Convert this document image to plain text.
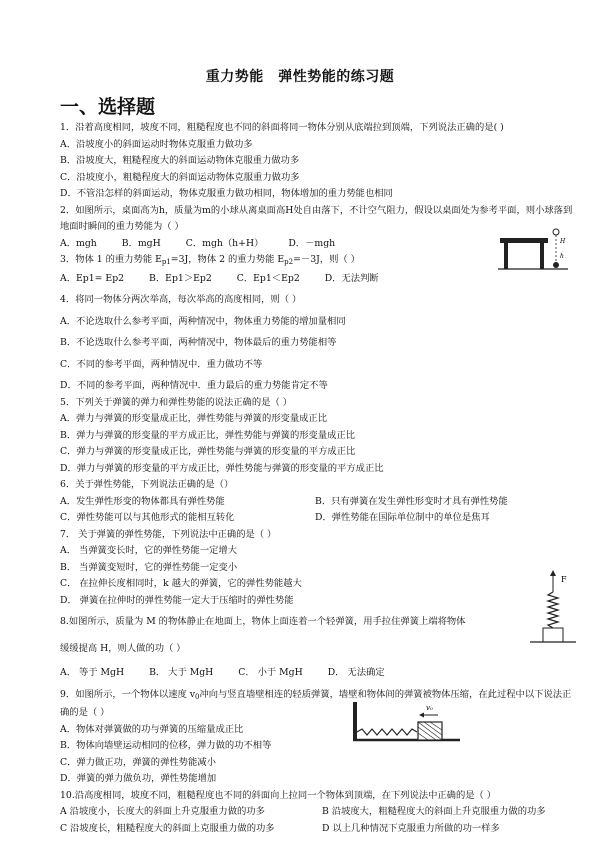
重力势能　弹性势能的练习题
一、选择题
1．沿着高度相同，坡度不同，粗糙程度也不同的斜面将同一物体分别从底端拉到顶端，下列说法正确的是( )
A．沿坡度小的斜面运动时物体克服重力做功多
B．沿坡度大，粗糙程度大的斜面运动物体克服重力做功多
C．沿坡度小，粗糙程度大的斜面运动物体克服重力做功多
D．不管沿怎样的斜面运动，物体克服重力做功相同，物体增加的重力势能也相同
2．如图所示，桌面高为h，质量为m的小球从离桌面高H处自由落下，不计空气阻力，假设以桌面处为参考平面，则小球落到地面时瞬间的重力势能为（ ）
A．mgh	B．mgH	C．mgh（h+H）	D．－mgh
3．物体 1 的重力势能 $E_{p1}=3J$，物体 2 的重力势能 $E_{p2}=-3J$，则（ ）
A．Ep1= Ep2	B．Ep1＞Ep2	C．Ep1＜Ep2	D．无法判断
4．将同一物体分两次举高，每次举高的高度相同，则（ ）
A．不论选取什么参考平面，两种情况中，物体重力势能的增加量相同
B．不论选取什么参考平面，两种情况中，物体最后的重力势能相等
C．不同的参考平面，两种情况中．重力做功不等
D．不同的参考平面，两种情况中．重力最后的重力势能肯定不等
5．下列关于弹簧的弹力和弹性势能的说法正确的是（ ）
A．弹力与弹簧的形变量成正比，弹性势能与弹簧的形变量成正比
B．弹力与弹簧的形变量的平方成正比，弹性势能与弹簧的形变量成正比
C．弹力与弹簧的形变量成正比，弹性势能与弹簧的形变量的平方成正比
D．弹力与弹簧的形变量的平方成正比，弹性势能与弹簧的形变量的平方成正比
6．关于弹性势能，下列说法正确的是（）
A．发生弹性形变的物体都具有弹性势能	B．只有弹簧在发生弹性形变时才具有弹性势能
C．弹性势能可以与其他形式的能相互转化	D．弹性势能在国际单位制中的单位是焦耳
7． 关于弹簧的弹性势能，下列说法中正确的是（ ）
A． 当弹簧变长时，它的弹性势能一定增大
B． 当弹簧变短时，它的弹性势能一定变小
C． 在拉伸长度相同时，k 越大的弹簧，它的弹性势能越大
D． 弹簧在拉伸时的弹性势能一定大于压缩时的弹性势能
8.如图所示，质量为 M 的物体静止在地面上，物体上面连着一个轻弹簧，用手拉住弹簧上端将物体
缓缓提高 H，则人做的功（ ）
A． 等于 MgH	B． 大于 MgH	C． 小于 MgH	D． 无法确定
9．如图所示，一个物体以速度 $v_0$冲向与竖直墙壁相连的轻质弹簧，墙壁和物体间的弹簧被物体压缩，在此过程中以下说法正确的是（ ）
A．物体对弹簧做的功与弹簧的压缩量成正比
B．物体向墙壁运动相同的位移，弹力做的功不相等
C．弹力做正功，弹簧的弹性势能减小
D．弹簧的弹力做负功，弹性势能增加
10.沿高度相同，坡度不同，粗糙程度也不同的斜面向上拉同一个物体到顶端，在下列说法中正确的是（ ）
A 沿坡度小，长度大的斜面上升克服重力做的功多	B 沿坡度大，粗糙程度大的斜面上升克服重力做的功多
C 沿坡度长，粗糙程度大的斜面上克服重力做的功多	D 以上几种情况下克服重力所做的功一样多
H
h
F
v₀
